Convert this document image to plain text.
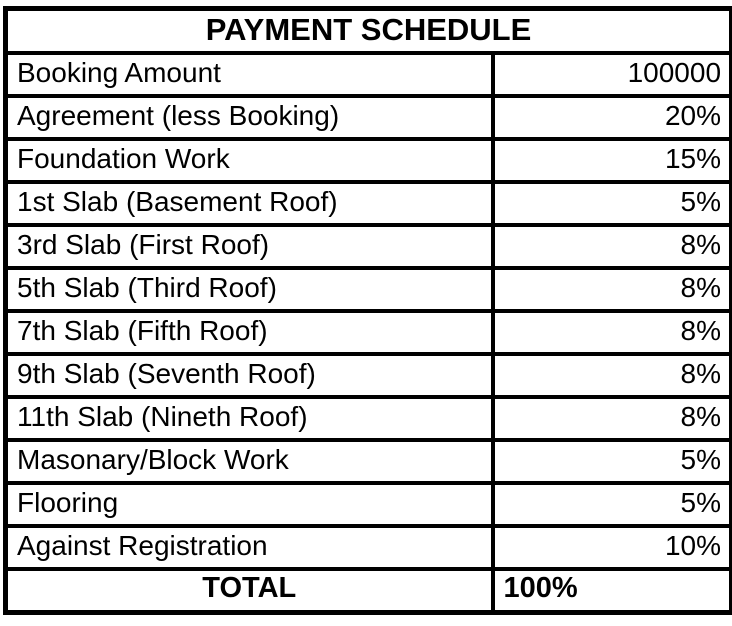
PAYMENT SCHEDULE	
Booking Amount	100000
Agreement (less Booking)	20%
Foundation Work	15%
1st Slab (Basement Roof)	5%
3rd Slab (First Roof)	8%
5th Slab (Third Roof)	8%
7th Slab (Fifth Roof)	8%
9th Slab (Seventh Roof)	8%
11th Slab (Nineth Roof)	8%
Masonary/Block Work	5%
Flooring	5%
Against Registration	10%
TOTAL	100%
